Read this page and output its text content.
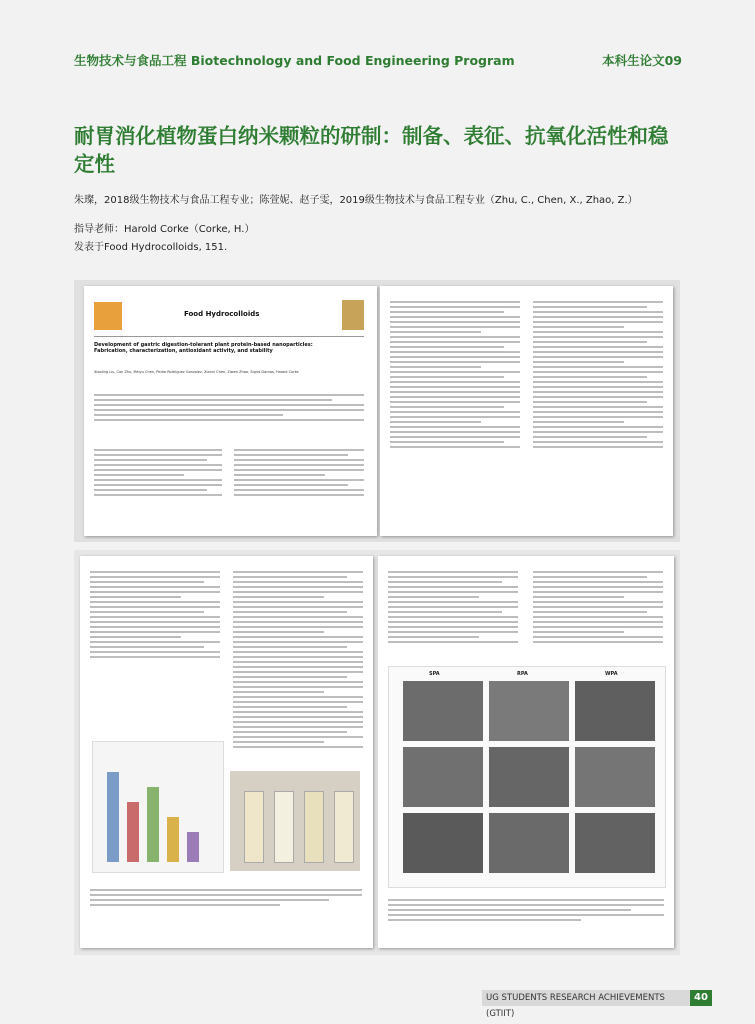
生物技术与食品工程 Biotechnology and Food Engineering Program	本科生论文09
耐胃消化植物蛋白纳米颗粒的研制：制备、表征、抗氧化活性和稳定性
朱璨，2018级生物技术与食品工程专业；陈萱妮、赵子雯，2019级生物技术与食品工程专业（Zhu, C., Chen, X., Zhao, Z.）
指导老师：Harold Corke（Corke, H.）
发表于Food Hydrocolloids, 151.
Food Hydrocolloids
Development of gastric digestion-tolerant plant protein-based nanoparticles: Fabrication, characterization, antioxidant activity, and stability
Xiaoling Liu, Can Zhu, Meiyu Chen, Pedro Rodriguez Gonzalez, Xianni Chen, Ziwen Zhao, Sigrid Dantas, Harold Corke
SPA	RPA	WPA
UG STUDENTS RESEARCH ACHIEVEMENTS (GTIIT)
40
